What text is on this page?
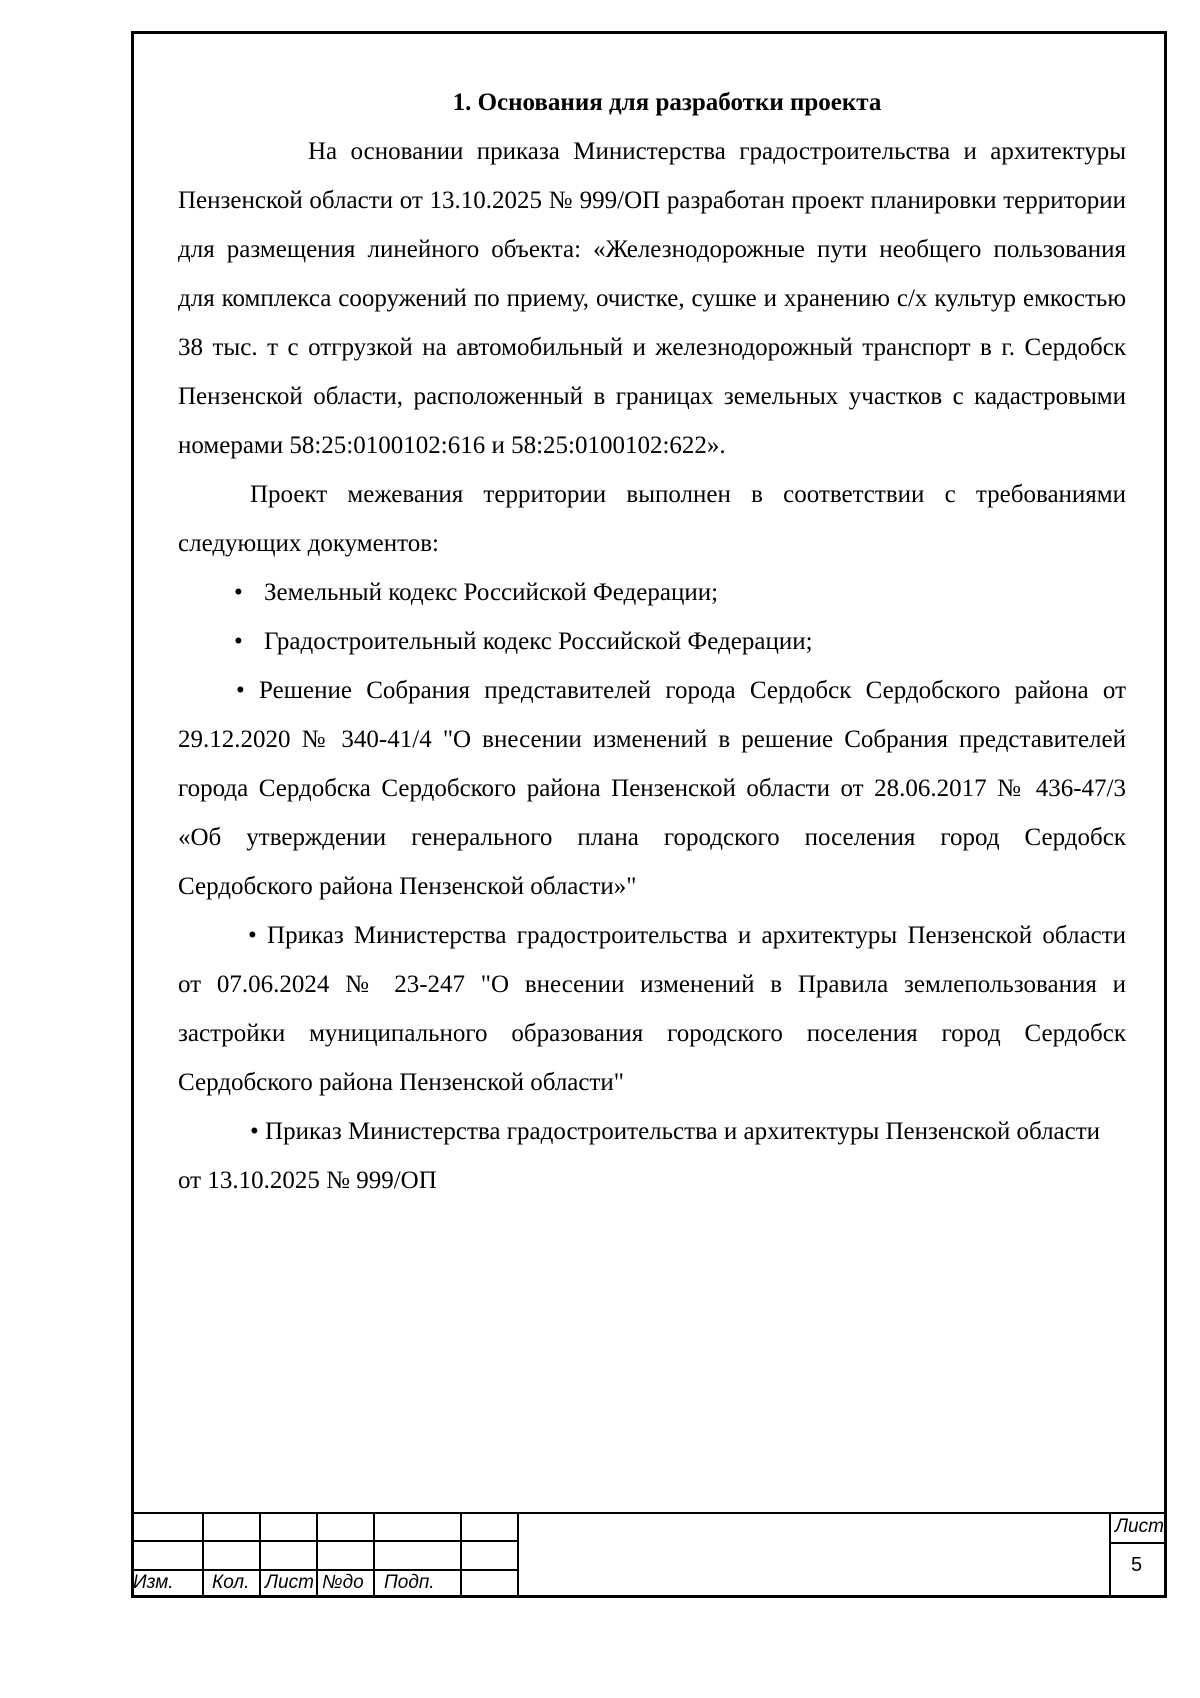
1. Основания для разработки проекта

На основании приказа Министерства градостроительства и архитектуры Пензенской области от 13.10.2025 № 999/ОП разработан проект планировки территории для размещения линейного объекта: «Железнодорожные пути необщего пользования для комплекса сооружений по приему, очистке, сушке и хранению с/х культур емкостью 38 тыс. т с отгрузкой на автомобильный и железнодорожный транспорт в г. Сердобск Пензенской области, расположенный в границах земельных участков с кадастровыми номерами 58:25:0100102:616 и 58:25:0100102:622».

Проект межевания территории выполнен в соответствии с требованиями следующих документов:

• Земельный кодекс Российской Федерации;

• Градостроительный кодекс Российской Федерации;

• Решение Собрания представителей города Сердобск Сердобского района от 29.12.2020 № 340-41/4 "О внесении изменений в решение Собрания представителей города Сердобска Сердобского района Пензенской области от 28.06.2017 № 436-47/3 «Об утверждении генерального плана городского поселения город Сердобск Сердобского района Пензенской области»"

• Приказ Министерства градостроительства и архитектуры Пензенской области от 07.06.2024 № 23-247 "О внесении изменений в Правила землепользования и застройки муниципального образования городского поселения город Сердобск Сердобского района Пензенской области"

• Приказ Министерства градостроительства и архитектуры Пензенской области от 13.10.2025 № 999/ОП

Изм. Кол. Лист №до Подп.
Лист
5
